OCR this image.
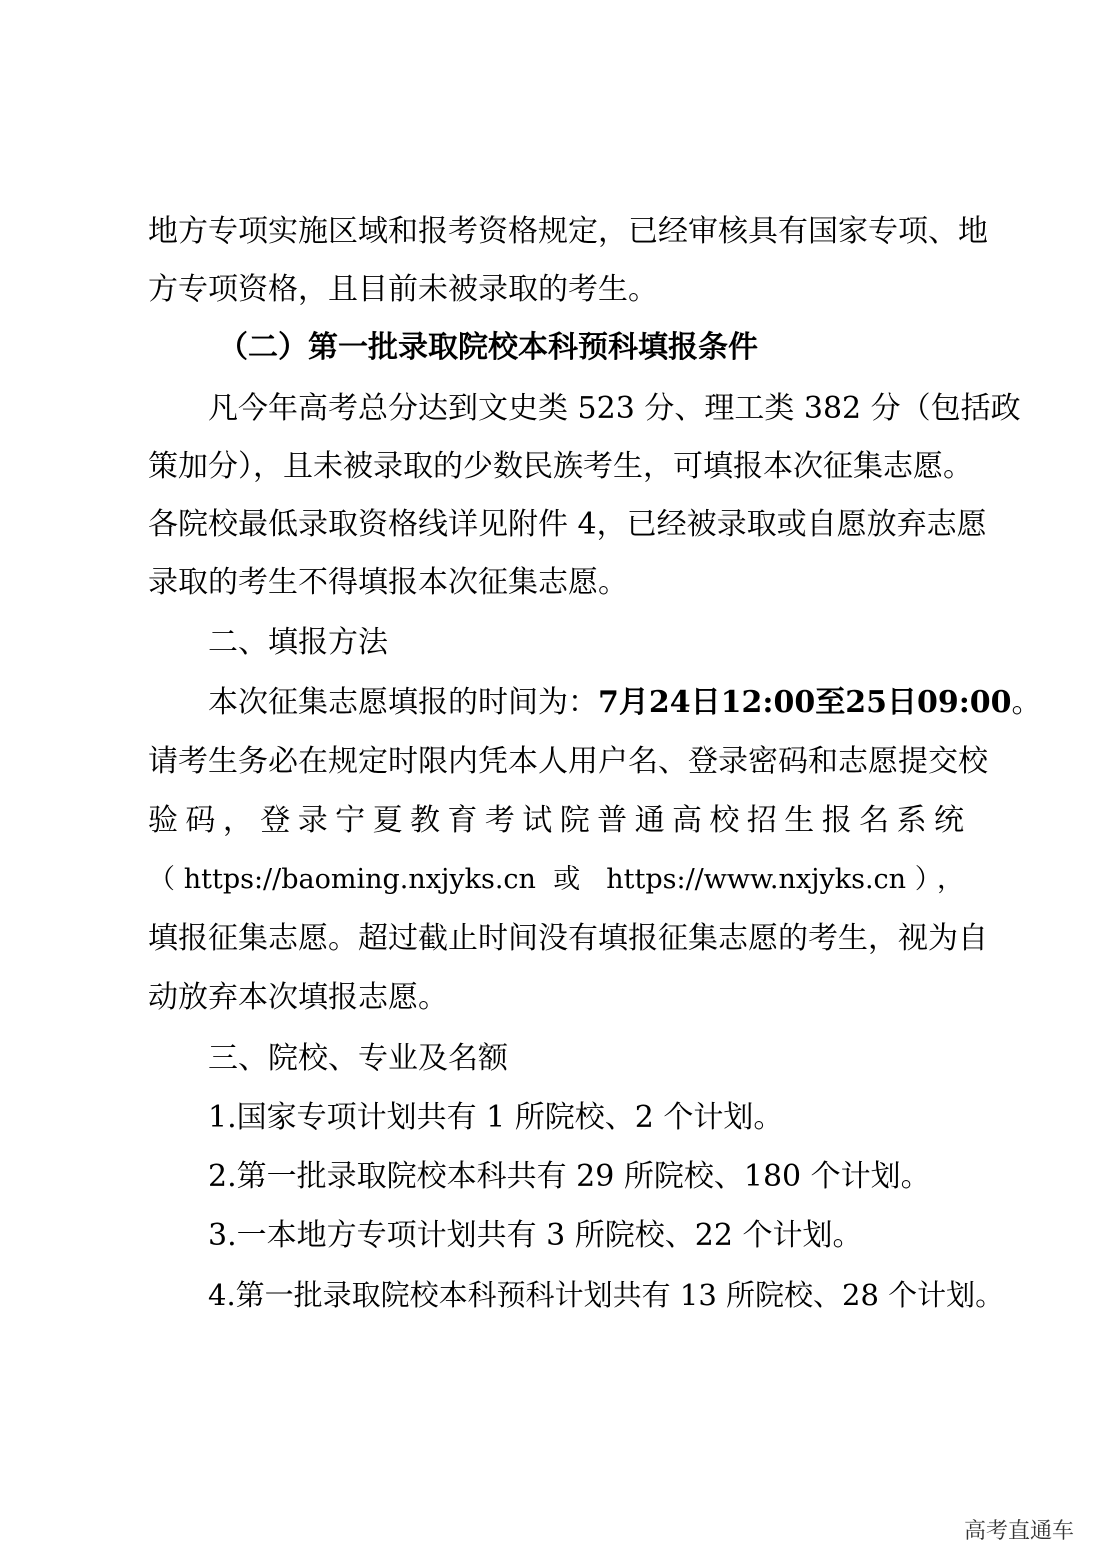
地方专项实施区域和报考资格规定，已经审核具有国家专项、地
方专项资格，且目前未被录取的考生。
（二）第一批录取院校本科预科填报条件
凡今年高考总分达到文史类 523 分、理工类 382 分（包括政
策加分），且未被录取的少数民族考生，可填报本次征集志愿。
各院校最低录取资格线详见附件 4，已经被录取或自愿放弃志愿
录取的考生不得填报本次征集志愿。
二、填报方法
本次征集志愿填报的时间为：7月24日12:00至25日09:00。
请考生务必在规定时限内凭本人用户名、登录密码和志愿提交校
验码，登录宁夏教育考试院普通高校招生报名系统
（https://baoming.nxjyks.cn 或 https://www.nxjyks.cn），
填报征集志愿。超过截止时间没有填报征集志愿的考生，视为自
动放弃本次填报志愿。
三、院校、专业及名额
1.国家专项计划共有 1 所院校、2 个计划。
2.第一批录取院校本科共有 29 所院校、180 个计划。
3.一本地方专项计划共有 3 所院校、22 个计划。
4.第一批录取院校本科预科计划共有 13 所院校、28 个计划。
高考直通车
